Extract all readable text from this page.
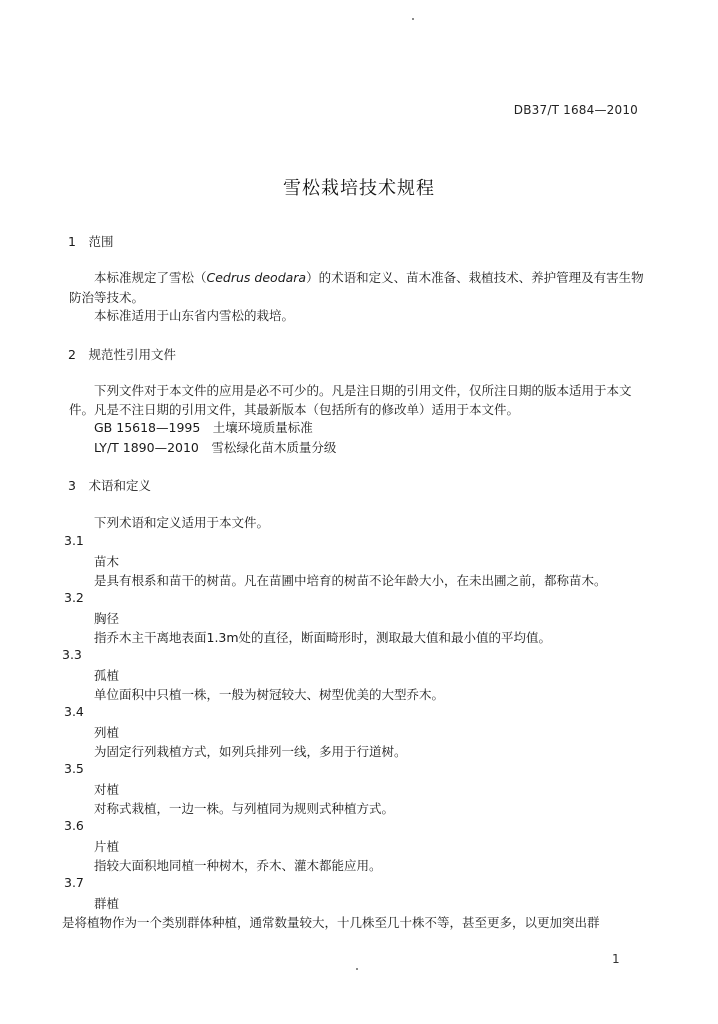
DB37/T 1684—2010
雪松栽培技术规程
1　范围
本标准规定了雪松（Cedrus deodara）的术语和定义、苗木准备、栽植技术、养护管理及有害生物
防治等技术。
本标准适用于山东省内雪松的栽培。
2　规范性引用文件
下列文件对于本文件的应用是必不可少的。凡是注日期的引用文件，仅所注日期的版本适用于本文
件。凡是不注日期的引用文件，其最新版本（包括所有的修改单）适用于本文件。
GB 15618—1995　土壤环境质量标准
LY/T 1890—2010　雪松绿化苗木质量分级
3　术语和定义
下列术语和定义适用于本文件。
3.1
苗木
是具有根系和苗干的树苗。凡在苗圃中培育的树苗不论年龄大小，在未出圃之前，都称苗木。
3.2
胸径
指乔木主干离地表面1.3m处的直径，断面畸形时，测取最大值和最小值的平均值。
3.3
孤植
单位面积中只植一株，一般为树冠较大、树型优美的大型乔木。
3.4
列植
为固定行列栽植方式，如列兵排列一线，多用于行道树。
3.5
对植
对称式栽植，一边一株。与列植同为规则式种植方式。
3.6
片植
指较大面积地同植一种树木，乔木、灌木都能应用。
3.7
群植
是将植物作为一个类别群体种植，通常数量较大，十几株至几十株不等，甚至更多，以更加突出群
1
